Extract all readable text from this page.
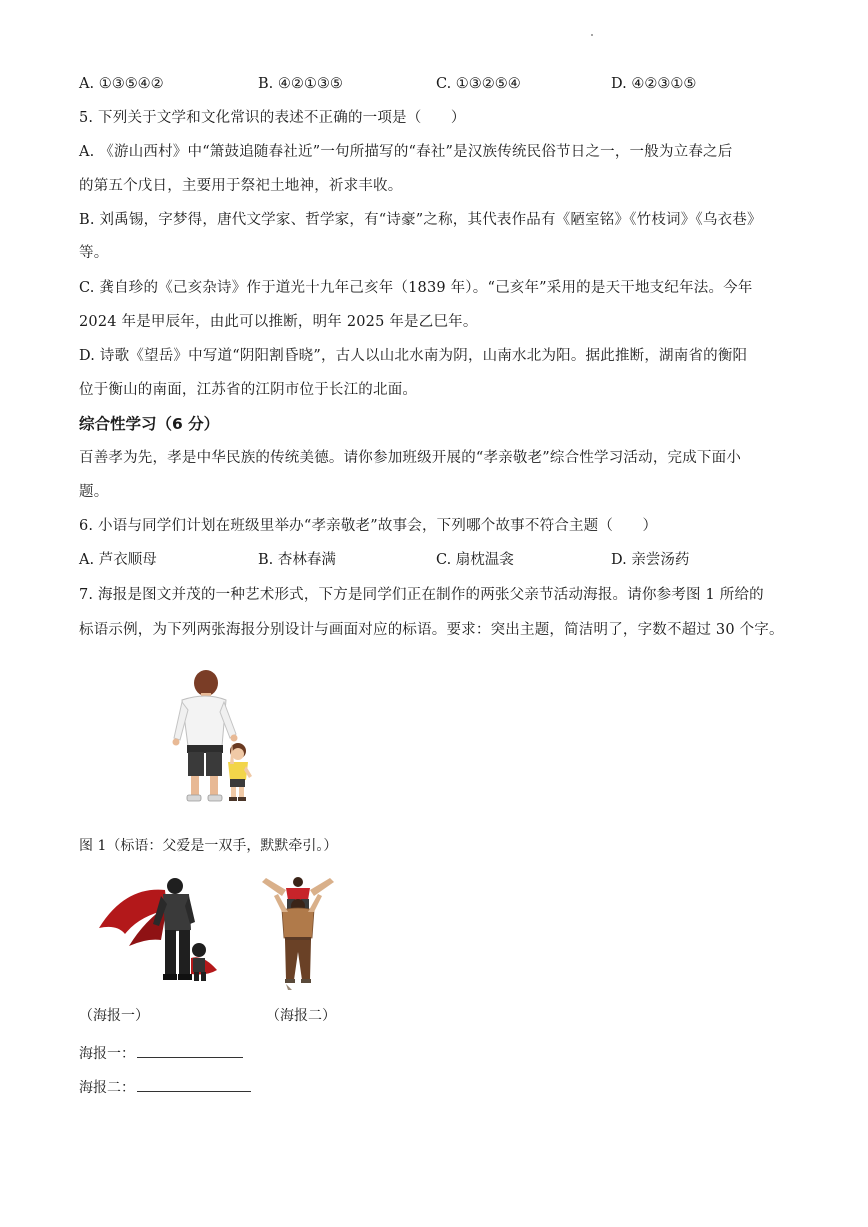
A. ①③⑤④②	B. ④②①③⑤	C. ①③②⑤④	D. ④②③①⑤
5. 下列关于文学和文化常识的表述不正确的一项是（　　）
A. 《游山西村》中“箫鼓追随春社近”一句所描写的“春社”是汉族传统民俗节日之一，一般为立春之后
的第五个戊日，主要用于祭祀土地神，祈求丰收。
B. 刘禹锡，字梦得，唐代文学家、哲学家，有“诗豪”之称，其代表作品有《陋室铭》《竹枝词》《乌衣巷》
等。
C. 龚自珍的《己亥杂诗》作于道光十九年己亥年（1839 年）。“己亥年”采用的是天干地支纪年法。今年
2024 年是甲辰年，由此可以推断，明年 2025 年是乙巳年。
D. 诗歌《望岳》中写道“阴阳割昏晓”，古人以山北水南为阴，山南水北为阳。据此推断，湖南省的衡阳
位于衡山的南面，江苏省的江阴市位于长江的北面。
综合性学习（6 分）
百善孝为先，孝是中华民族的传统美德。请你参加班级开展的“孝亲敬老”综合性学习活动，完成下面小
题。
6. 小语与同学们计划在班级里举办“孝亲敬老”故事会，下列哪个故事不符合主题（　　）
A. 芦衣顺母	B. 杏林春满	C. 扇枕温衾	D. 亲尝汤药
7. 海报是图文并茂的一种艺术形式，下方是同学们正在制作的两张父亲节活动海报。请你参考图 1 所给的
标语示例，为下列两张海报分别设计与画面对应的标语。要求：突出主题，简洁明了，字数不超过 30 个字。
图 1（标语：父爱是一双手，默默牵引。）
（海报一）	（海报二）
海报一：
海报二：
